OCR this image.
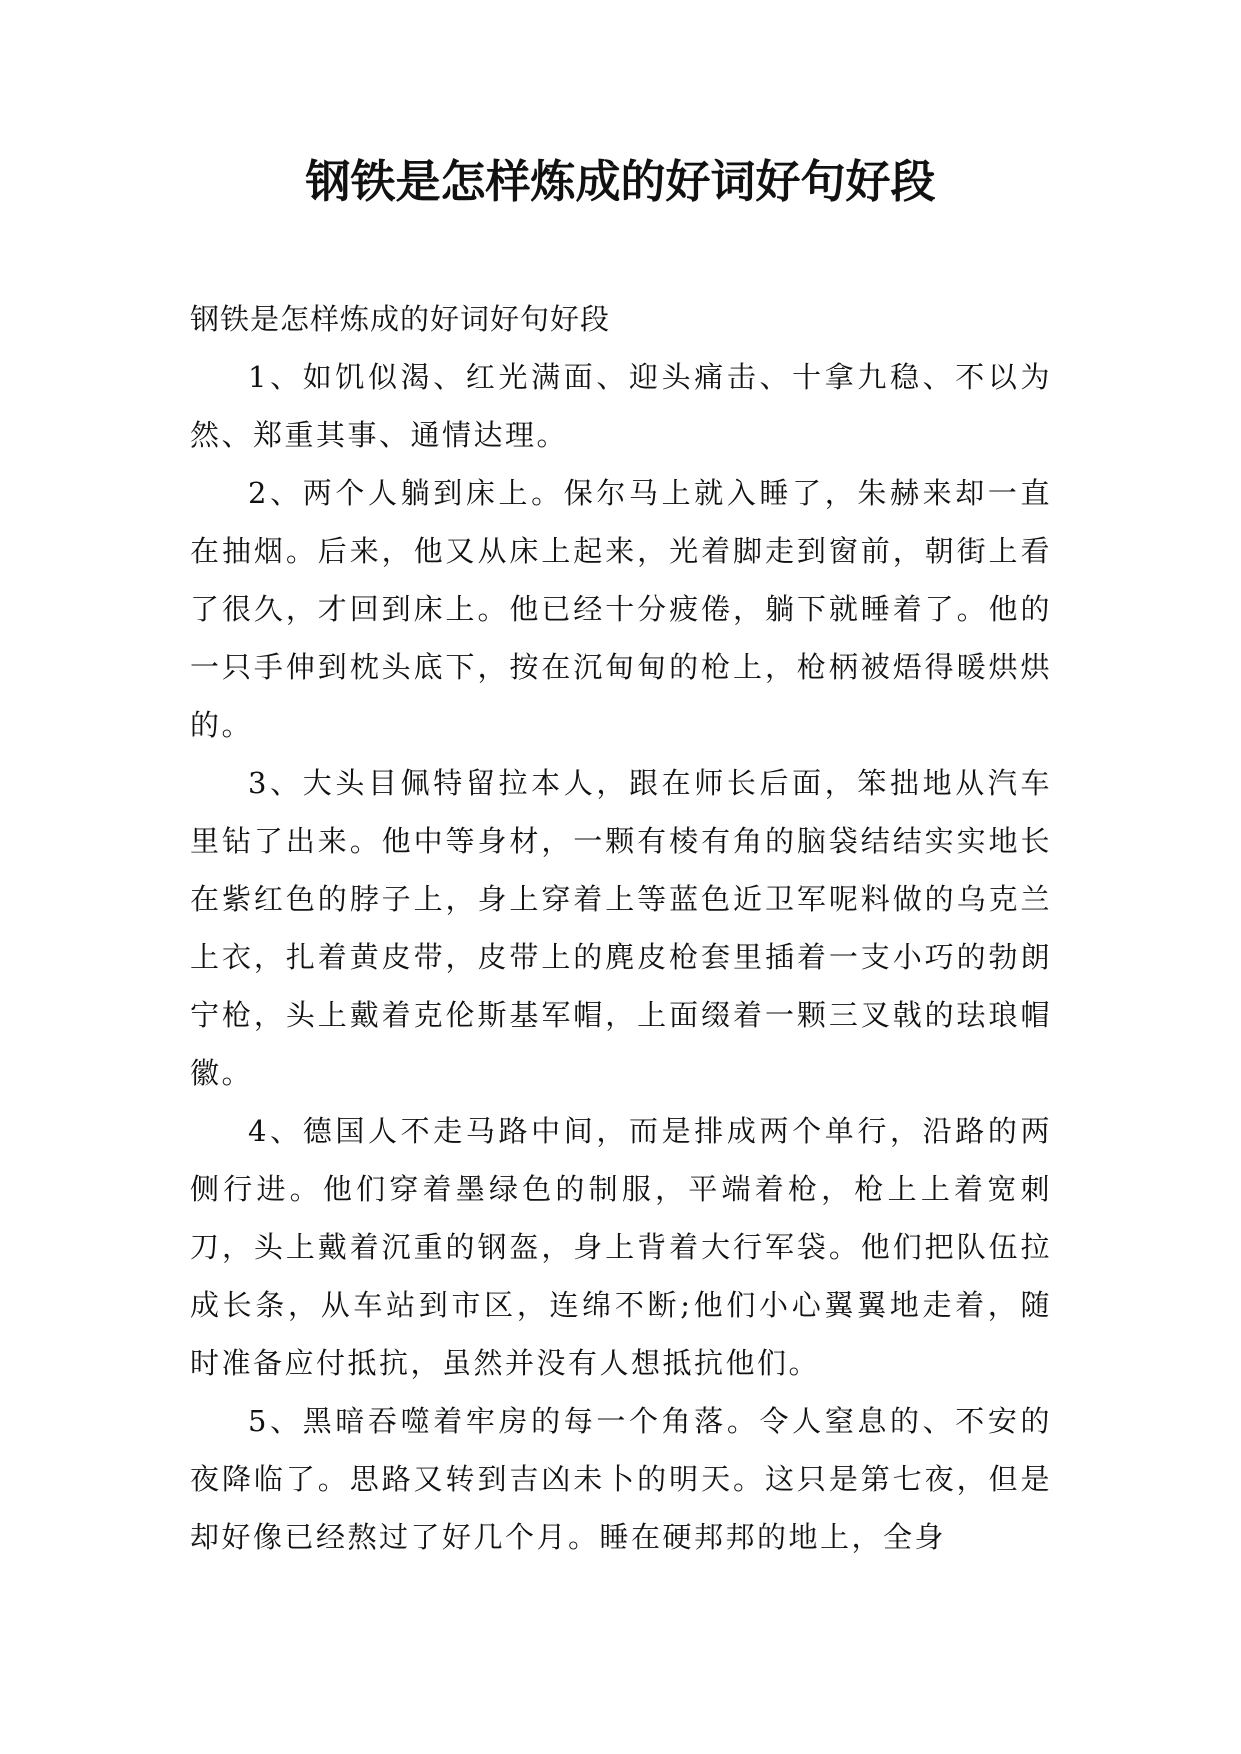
钢铁是怎样炼成的好词好句好段

钢铁是怎样炼成的好词好句好段

1、如饥似渴、红光满面、迎头痛击、十拿九稳、不以为然、郑重其事、通情达理。

2、两个人躺到床上。保尔马上就入睡了，朱赫来却一直在抽烟。后来，他又从床上起来，光着脚走到窗前，朝街上看了很久，才回到床上。他已经十分疲倦，躺下就睡着了。他的一只手伸到枕头底下，按在沉甸甸的枪上，枪柄被焐得暖烘烘的。

3、大头目佩特留拉本人，跟在师长后面，笨拙地从汽车里钻了出来。他中等身材，一颗有棱有角的脑袋结结实实地长在紫红色的脖子上，身上穿着上等蓝色近卫军呢料做的乌克兰上衣，扎着黄皮带，皮带上的麂皮枪套里插着一支小巧的勃朗宁枪，头上戴着克伦斯基军帽，上面缀着一颗三叉戟的珐琅帽徽。

4、德国人不走马路中间，而是排成两个单行，沿路的两侧行进。他们穿着墨绿色的制服，平端着枪，枪上上着宽刺刀，头上戴着沉重的钢盔，身上背着大行军袋。他们把队伍拉成长条，从车站到市区，连绵不断;他们小心翼翼地走着，随时准备应付抵抗，虽然并没有人想抵抗他们。

5、黑暗吞噬着牢房的每一个角落。令人窒息的、不安的夜降临了。思路又转到吉凶未卜的明天。这只是第七夜，但是却好像已经熬过了好几个月。睡在硬邦邦的地上，全身
